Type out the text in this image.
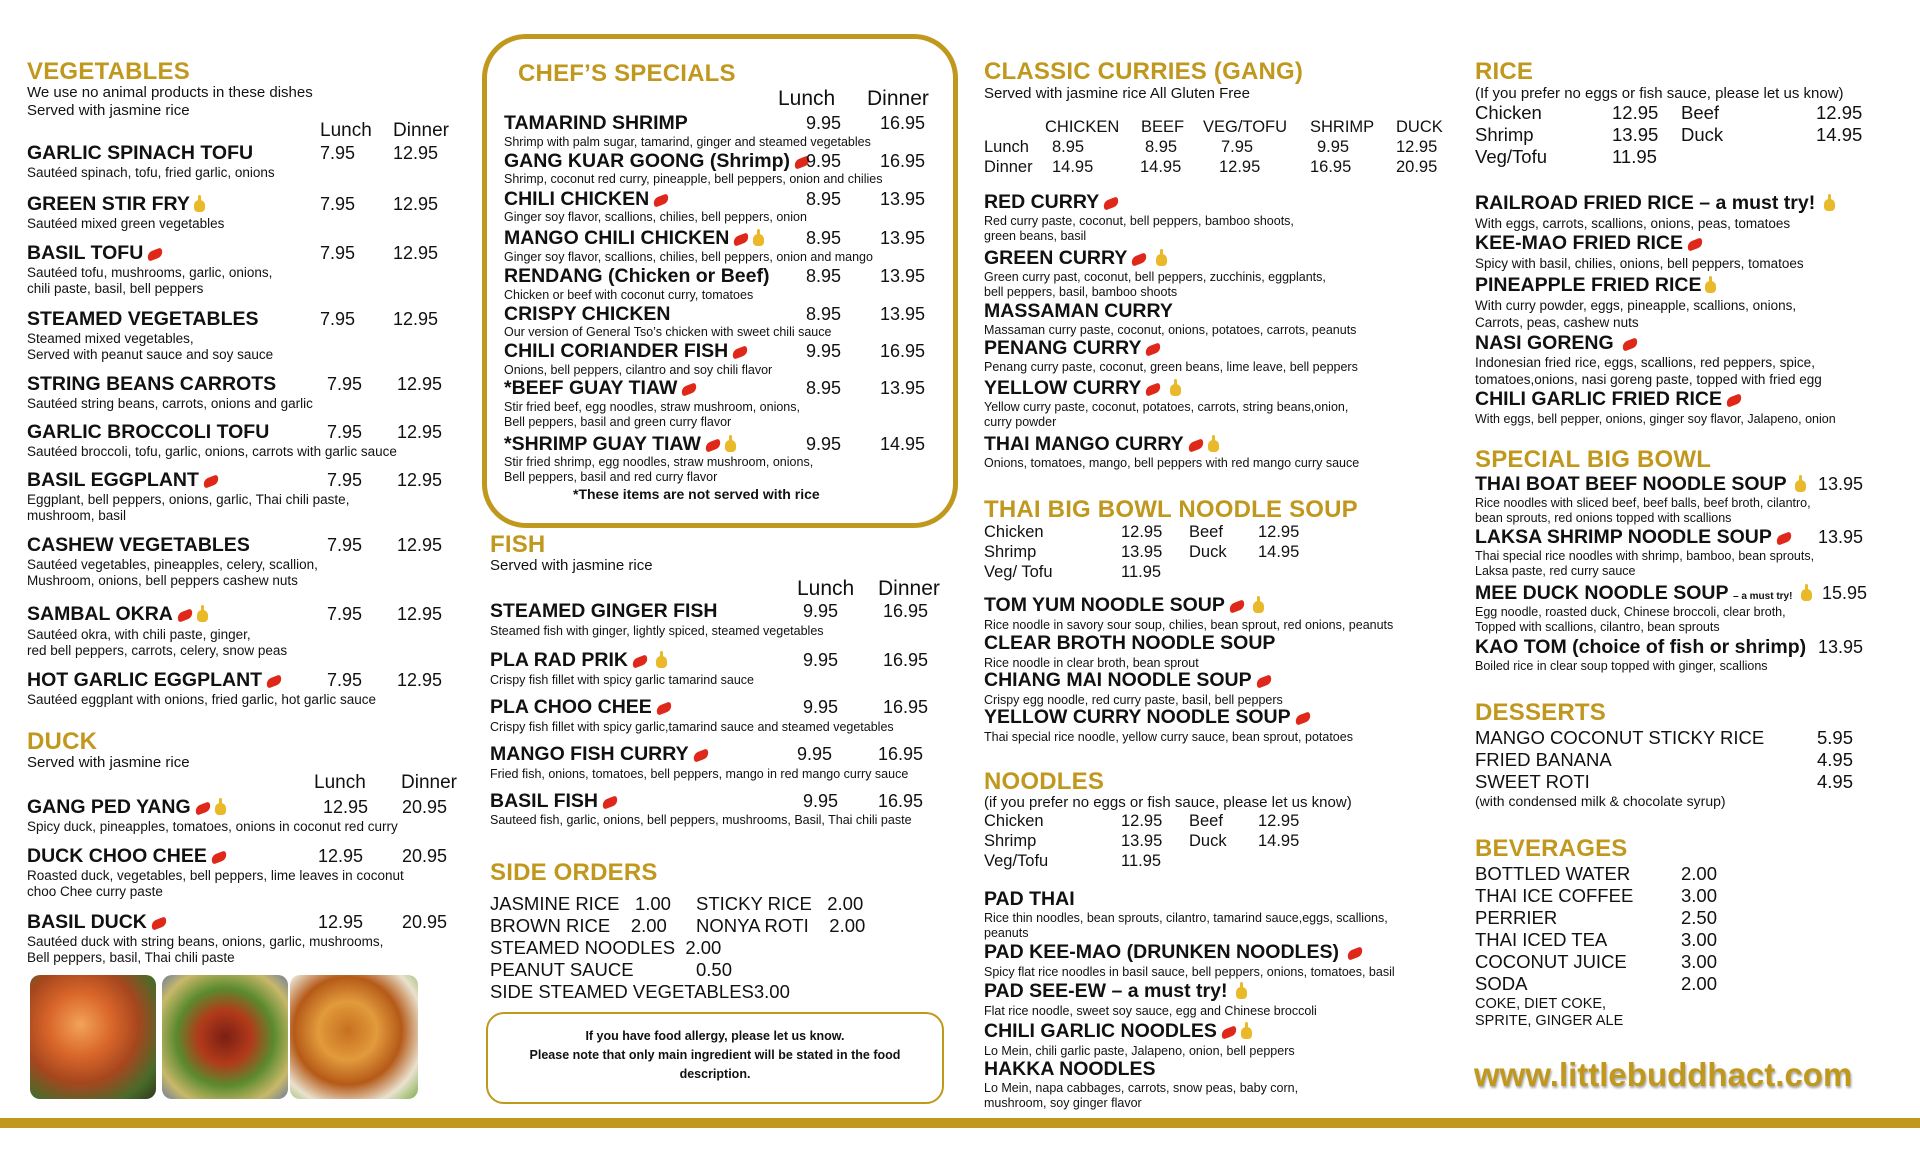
VEGETABLES
We use no animal products in these dishes
Served with jasmine rice
Lunch Dinner
GARLIC SPINACH TOFU	7.95 12.95
Sautéed spinach, tofu, fried garlic, onions
GREEN STIR FRY	7.95 12.95
Sautéed mixed green vegetables
BASIL TOFU	7.95 12.95
Sautéed tofu, mushrooms, garlic, onions,
chili paste, basil, bell peppers
STEAMED VEGETABLES	7.95 12.95
Steamed mixed vegetables,
Served with peanut sauce and soy sauce
STRING BEANS CARROTS	7.95 12.95
Sautéed string beans, carrots, onions and garlic
GARLIC BROCCOLI TOFU	7.95 12.95
Sautéed broccoli, tofu, garlic, onions, carrots with garlic sauce
BASIL EGGPLANT	7.95 12.95
Eggplant, bell peppers, onions, garlic, Thai chili paste,
mushroom, basil
CASHEW VEGETABLES	7.95 12.95
Sautéed vegetables, pineapples, celery, scallion,
Mushroom, onions, bell peppers cashew nuts
SAMBAL OKRA	7.95 12.95
Sautéed okra, with chili paste, ginger,
red bell peppers, carrots, celery, snow peas
HOT GARLIC EGGPLANT	7.95 12.95
Sautéed eggplant with onions, fried garlic, hot garlic sauce
DUCK
Served with jasmine rice
Lunch Dinner
GANG PED YANG	12.95 20.95
Spicy duck, pineapples, tomatoes, onions in coconut red curry
DUCK CHOO CHEE	12.95 20.95
Roasted duck, vegetables, bell peppers, lime leaves in coconut
choo Chee curry paste
BASIL DUCK	12.95 20.95
Sautéed duck with string beans, onions, garlic, mushrooms,
Bell peppers, basil, Thai chili paste
CHEF’S SPECIALS
Lunch Dinner
TAMARIND SHRIMP	9.95 16.95
Shrimp with palm sugar, tamarind, ginger and steamed vegetables
GANG KUAR GOONG (Shrimp) 9.95 16.95
Shrimp, coconut red curry, pineapple, bell peppers, onion and chilies
CHILI CHICKEN	8.95 13.95
Ginger soy flavor, scallions, chilies, bell peppers, onion
MANGO CHILI CHICKEN	8.95 13.95
Ginger soy flavor, scallions, chilies, bell peppers, onion and mango
RENDANG (Chicken or Beef) 8.95 13.95
Chicken or beef with coconut curry, tomatoes
CRISPY CHICKEN	8.95 13.95
Our version of General Tso’s chicken with sweet chili sauce
CHILI CORIANDER FISH	9.95 16.95
Onions, bell peppers, cilantro and soy chili flavor
*BEEF GUAY TIAW	8.95 13.95
Stir fried beef, egg noodles, straw mushroom, onions,
Bell peppers, basil and green curry flavor
*SHRIMP GUAY TIAW	9.95 14.95
Stir fried shrimp, egg noodles, straw mushroom, onions,
Bell peppers, basil and red curry flavor
*These items are not served with rice
FISH
Served with jasmine rice
Lunch Dinner
STEAMED GINGER FISH	9.95 16.95
Steamed fish with ginger, lightly spiced, steamed vegetables
PLA RAD PRIK	9.95 16.95
Crispy fish fillet with spicy garlic tamarind sauce
PLA CHOO CHEE	9.95 16.95
Crispy fish fillet with spicy garlic,tamarind sauce and steamed vegetables
MANGO FISH CURRY	9.95	16.95
Fried fish, onions, tomatoes, bell peppers, mango in red mango curry sauce
BASIL FISH	9.95 16.95
Sauteed fish, garlic, onions, bell peppers, mushrooms, Basil, Thai chili paste
SIDE ORDERS
JASMINE RICE 1.00 STICKY RICE 2.00
BROWN RICE 2.00 NONYA ROTI 2.00
STEAMED NOODLES 2.00
PEANUT SAUCE	0.50
SIDE STEAMED VEGETABLES3.00
If you have food allergy, please let us know.
Please note that only main ingredient will be stated in the food
description.
CLASSIC CURRIES (GANG)
Served with jasmine rice All Gluten Free
CHICKEN BEEF VEG/TOFU SHRIMP DUCK
Lunch 8.95	8.95	7.95	9.95	12.95
Dinner 14.95	14.95 12.95	16.95	20.95
RED CURRY
Red curry paste, coconut, bell peppers, bamboo shoots,
green beans, basil
GREEN CURRY
Green curry past, coconut, bell peppers, zucchinis, eggplants,
bell peppers, basil, bamboo shoots
MASSAMAN CURRY
Massaman curry paste, coconut, onions, potatoes, carrots, peanuts
PENANG CURRY
Penang curry paste, coconut, green beans, lime leave, bell peppers
YELLOW CURRY
Yellow curry paste, coconut, potatoes, carrots, string beans,onion,
curry powder
THAI MANGO CURRY
Onions, tomatoes, mango, bell peppers with red mango curry sauce
THAI BIG BOWL NOODLE SOUP
Chicken	12.95 Beef 12.95
Shrimp	13.95 Duck 14.95
Veg/ Tofu	11.95
TOM YUM NOODLE SOUP
Rice noodle in savory sour soup, chilies, bean sprout, red onions, peanuts
CLEAR BROTH NOODLE SOUP
Rice noodle in clear broth, bean sprout
CHIANG MAI NOODLE SOUP
Crispy egg noodle, red curry paste, basil, bell peppers
YELLOW CURRY NOODLE SOUP
Thai special rice noodle, yellow curry sauce, bean sprout, potatoes
NOODLES
(if you prefer no eggs or fish sauce, please let us know)
Chicken	12.95 Beef 12.95
Shrimp	13.95 Duck 14.95
Veg/Tofu	11.95
PAD THAI
Rice thin noodles, bean sprouts, cilantro, tamarind sauce,eggs, scallions,
peanuts
PAD KEE-MAO (DRUNKEN NOODLES)
Spicy flat rice noodles in basil sauce, bell peppers, onions, tomatoes, basil
PAD SEE-EW – a must try!
Flat rice noodle, sweet soy sauce, egg and Chinese broccoli
CHILI GARLIC NOODLES
Lo Mein, chili garlic paste, Jalapeno, onion, bell peppers
HAKKA NOODLES
Lo Mein, napa cabbages, carrots, snow peas, baby corn,
mushroom, soy ginger flavor
RICE
(If you prefer no eggs or fish sauce, please let us know)
Chicken	12.95 Beef	12.95
Shrimp	13.95 Duck	14.95
Veg/Tofu	11.95
RAILROAD FRIED RICE – a must try!
With eggs, carrots, scallions, onions, peas, tomatoes
KEE-MAO FRIED RICE
Spicy with basil, chilies, onions, bell peppers, tomatoes
PINEAPPLE FRIED RICE
With curry powder, eggs, pineapple, scallions, onions,
Carrots, peas, cashew nuts
NASI GORENG
Indonesian fried rice, eggs, scallions, red peppers, spice,
tomatoes,onions, nasi goreng paste, topped with fried egg
CHILI GARLIC FRIED RICE
With eggs, bell pepper, onions, ginger soy flavor, Jalapeno, onion
SPECIAL BIG BOWL
THAI BOAT BEEF NOODLE SOUP	13.95
Rice noodles with sliced beef, beef balls, beef broth, cilantro,
bean sprouts, red onions topped with scallions
LAKSA SHRIMP NOODLE SOUP	13.95
Thai special rice noodles with shrimp, bamboo, bean sprouts,
Laksa paste, red curry sauce
MEE DUCK NOODLE SOUP – a must try!	15.95
Egg noodle, roasted duck, Chinese broccoli, clear broth,
Topped with scallions, cilantro, bean sprouts
KAO TOM (choice of fish or shrimp) 13.95
Boiled rice in clear soup topped with ginger, scallions
DESSERTS
MANGO COCONUT STICKY RICE	5.95
FRIED BANANA	4.95
SWEET ROTI	4.95
(with condensed milk & chocolate syrup)
BEVERAGES
BOTTLED WATER	2.00
THAI ICE COFFEE	3.00
PERRIER	2.50
THAI ICED TEA	3.00
COCONUT JUICE	3.00
SODA	2.00
COKE, DIET COKE,
SPRITE, GINGER ALE
www.littlebuddhact.com
